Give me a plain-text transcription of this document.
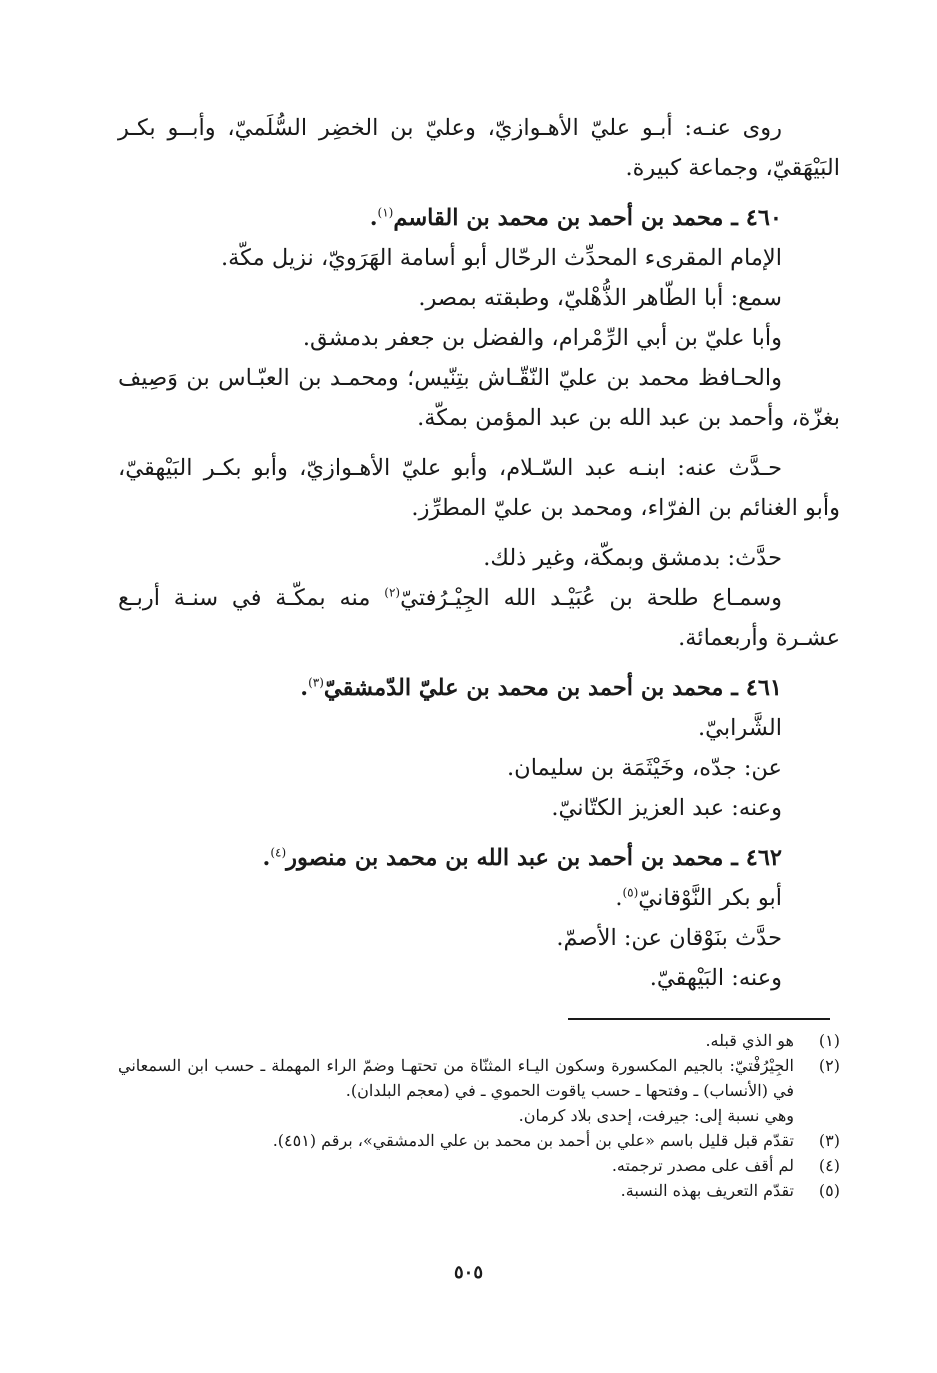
روى عنـه: أبـو عليّ الأهـوازيّ، وعليّ بن الخضِر السُّلَميّ، وأبــو بكـر البَيْهَقيّ، وجماعة كبيرة.

٤٦٠ ـ محمد بن أحمد بن محمد بن القاسم$^{(١)}$.

الإمام المقرىء المحدِّث الرحّال أبو أسامة الهَرَويّ، نزيل مكّة.

سمع: أبا الطّاهر الذُّهْليّ، وطبقته بمصر.

وأبا عليّ بن أبي الرِّمْرام، والفضل بن جعفر بدمشق.

والحـافظ محمد بن عليّ النّقّـاش بتِنّيس؛ ومحمـد بن العبّـاس بن وَصِيف بغزّة، وأحمد بن عبد الله بن عبد المؤمن بمكّة.

حـدَّث عنه: ابنـه عبد السّـلام، وأبو عليّ الأهـوازيّ، وأبو بكـر البَيْهقيّ، وأبو الغنائم بن الفرّاء، ومحمد بن عليّ المطرِّز.

حدَّث: بدمشق وبمكّة، وغير ذلك.

وسمـاع طلحة بن عُبَيْـد الله الجِيْـرُفتيّ$^{(٢)}$ منه بمكّـة في سنـة أربـع عشـرة وأربعمائة.

٤٦١ ـ محمد بن أحمد بن محمد بن عليّ الدّمشقيّ$^{(٣)}$.

الشَّرابيّ.

عن: جدّه، وخَيْثَمَة بن سليمان.

وعنه: عبد العزيز الكتّانيّ.

٤٦٢ ـ محمد بن أحمد بن عبد الله بن محمد بن منصور$^{(٤)}$.

أبو بكر النَّوْقانيّ$^{(٥)}$.

حدَّث بنَوْقان عن: الأصمّ.

وعنه: البَيْهقيّ.

(١)
هو الذي قبله.
(٢)
الجِيْرُفْتيّ: بالجيم المكسورة وسكون اليـاء المثنّاة من تحتهـا وضمّ الراء المهملة ـ حسب ابن السمعاني في (الأنساب) ـ وفتحها ـ حسب ياقوت الحموي ـ في (معجم البلدان).
وهي نسبة إلى: جيرفت، إحدى بلاد كرمان.
(٣)
تقدّم قبل قليل باسم «علي بن أحمد بن محمد بن علي الدمشقي»، برقم (٤٥١).
(٤)
لم أقف على مصدر ترجمته.
(٥)
تقدّم التعريف بهذه النسبة.
٥٠٥
